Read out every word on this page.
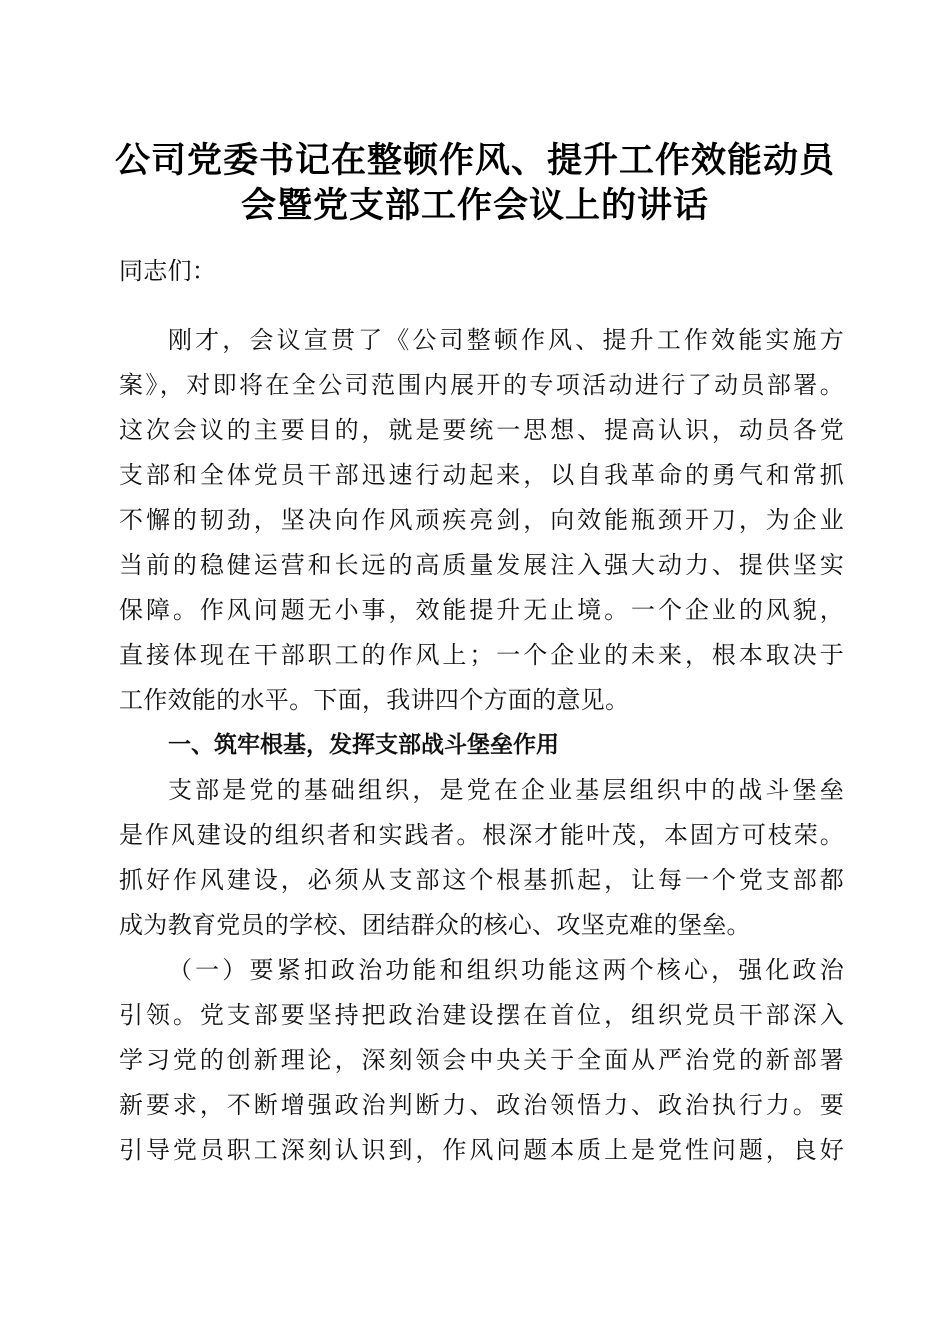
公司党委书记在整顿作风、提升工作效能动员
会暨党支部工作会议上的讲话
同志们：
刚才，会议宣贯了《公司整顿作风、提升工作效能实施方
案》，对即将在全公司范围内展开的专项活动进行了动员部署。
这次会议的主要目的，就是要统一思想、提高认识，动员各党
支部和全体党员干部迅速行动起来，以自我革命的勇气和常抓
不懈的韧劲，坚决向作风顽疾亮剑，向效能瓶颈开刀，为企业
当前的稳健运营和长远的高质量发展注入强大动力、提供坚实
保障。作风问题无小事，效能提升无止境。一个企业的风貌，
直接体现在干部职工的作风上；一个企业的未来，根本取决于
工作效能的水平。下面，我讲四个方面的意见。
一、筑牢根基，发挥支部战斗堡垒作用
支部是党的基础组织，是党在企业基层组织中的战斗堡垒
是作风建设的组织者和实践者。根深才能叶茂，本固方可枝荣。
抓好作风建设，必须从支部这个根基抓起，让每一个党支部都
成为教育党员的学校、团结群众的核心、攻坚克难的堡垒。
（一）要紧扣政治功能和组织功能这两个核心，强化政治
引领。党支部要坚持把政治建设摆在首位，组织党员干部深入
学习党的创新理论，深刻领会中央关于全面从严治党的新部署
新要求，不断增强政治判断力、政治领悟力、政治执行力。要
引导党员职工深刻认识到，作风问题本质上是党性问题，良好
